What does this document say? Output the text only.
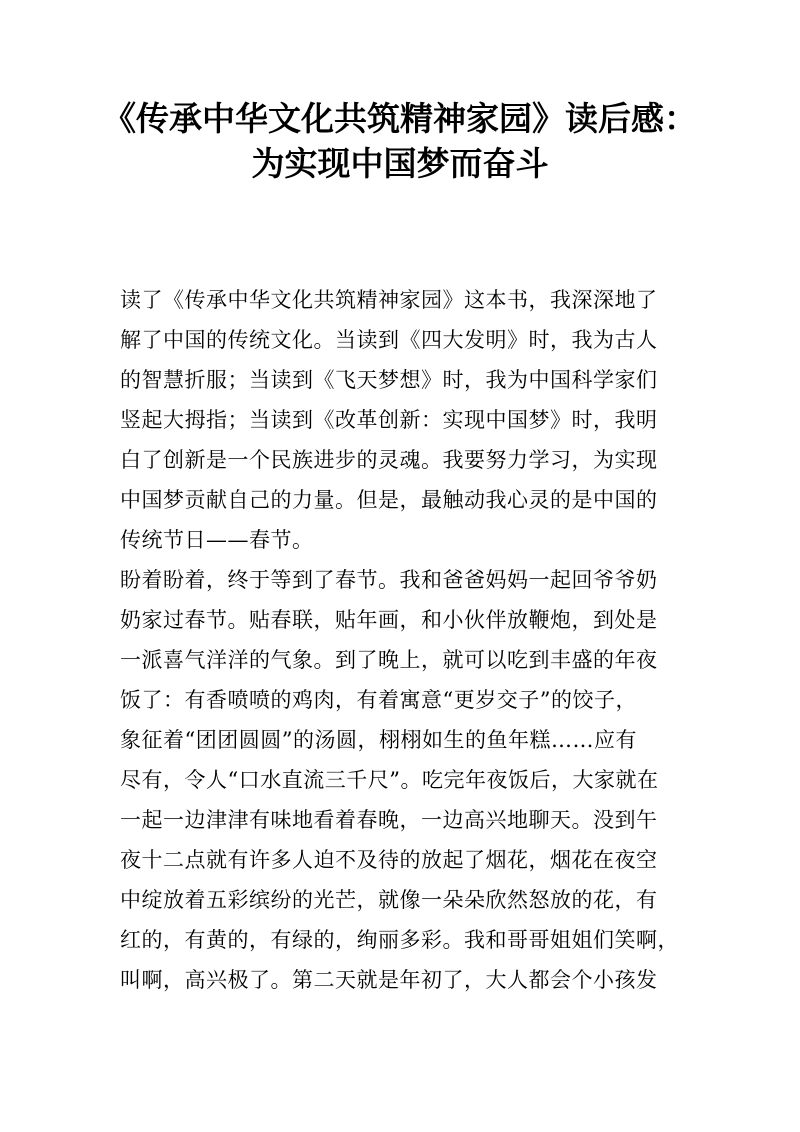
《传承中华文化共筑精神家园》读后感：
为实现中国梦而奋斗
读了《传承中华文化共筑精神家园》这本书，我深深地了
解了中国的传统文化。当读到《四大发明》时，我为古人
的智慧折服；当读到《飞天梦想》时，我为中国科学家们
竖起大拇指；当读到《改革创新：实现中国梦》时，我明
白了创新是一个民族进步的灵魂。我要努力学习，为实现
中国梦贡献自己的力量。但是，最触动我心灵的是中国的
传统节日——春节。
盼着盼着，终于等到了春节。我和爸爸妈妈一起回爷爷奶
奶家过春节。贴春联，贴年画，和小伙伴放鞭炮，到处是
一派喜气洋洋的气象。到了晚上，就可以吃到丰盛的年夜
饭了：有香喷喷的鸡肉，有着寓意“更岁交子”的饺子，
象征着“团团圆圆”的汤圆，栩栩如生的鱼年糕……应有
尽有，令人“口水直流三千尺”。吃完年夜饭后，大家就在
一起一边津津有味地看着春晚，一边高兴地聊天。没到午
夜十二点就有许多人迫不及待的放起了烟花，烟花在夜空
中绽放着五彩缤纷的光芒，就像一朵朵欣然怒放的花，有
红的，有黄的，有绿的，绚丽多彩。我和哥哥姐姐们笑啊，
叫啊，高兴极了。第二天就是年初了，大人都会个小孩发
